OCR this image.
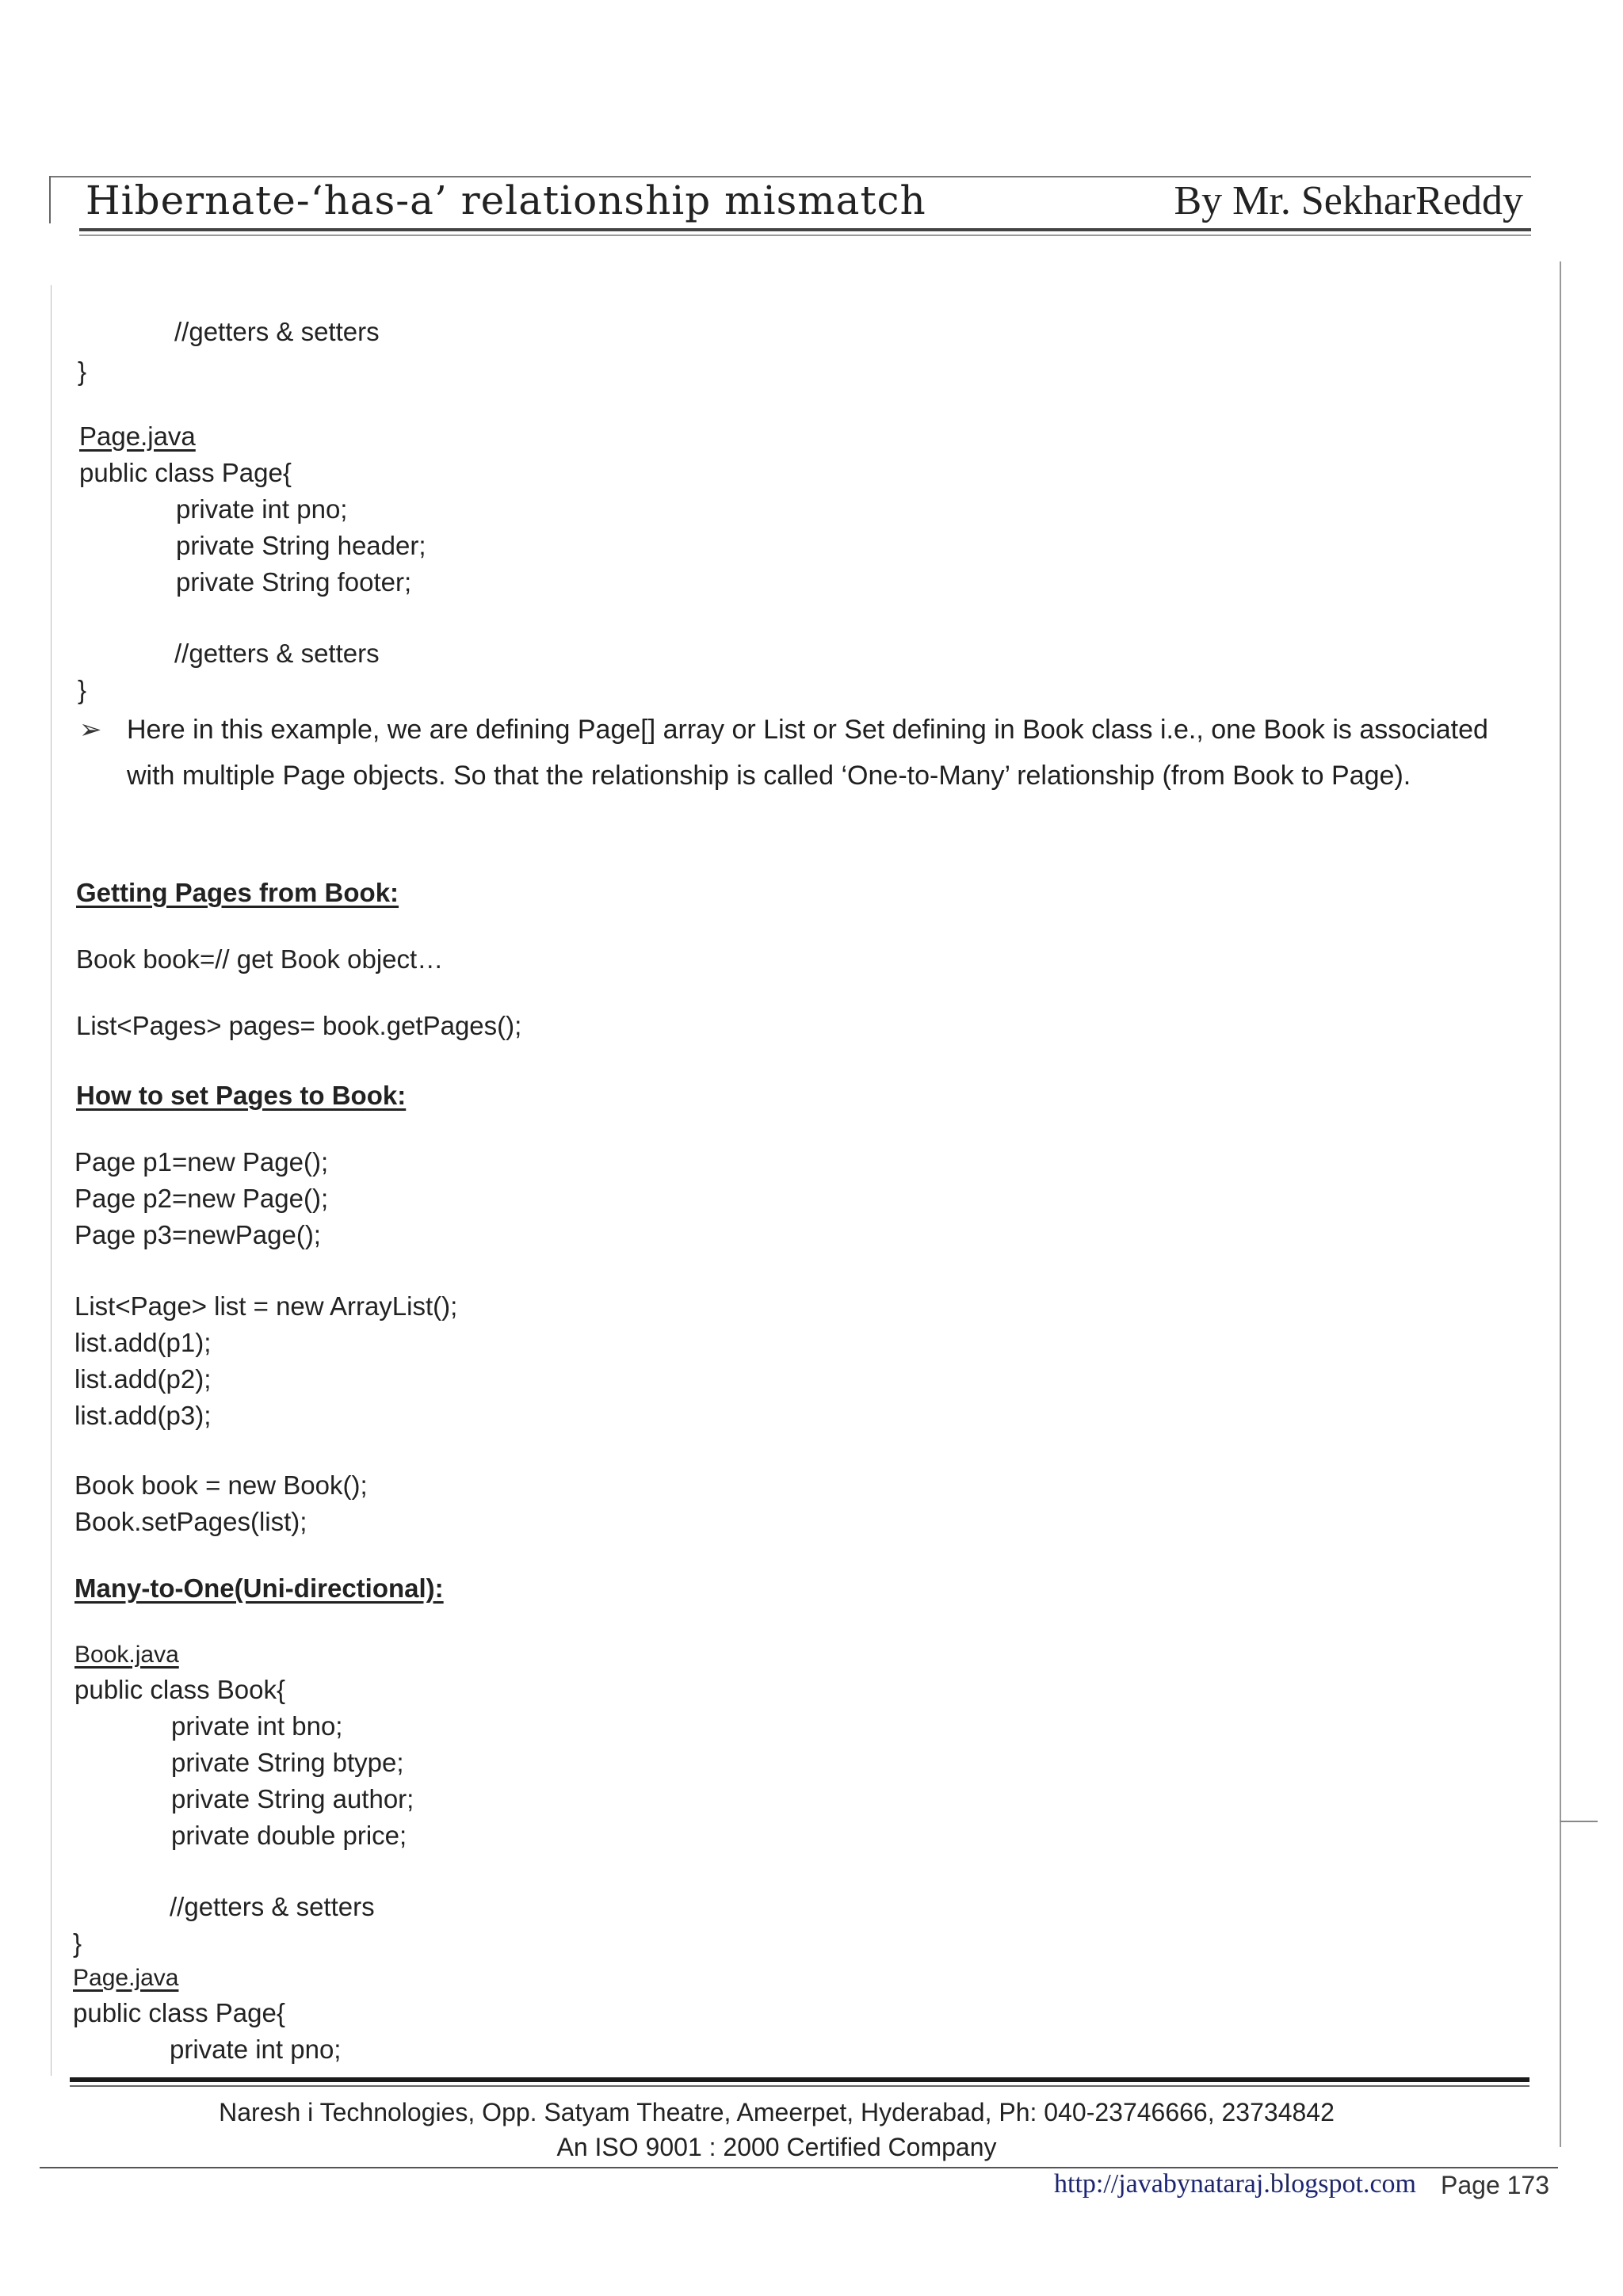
Hibernate-‘has-a’ relationship mismatch	By Mr. SekharReddy
//getters & setters
}
Page.java
public class Page{
private int pno;
private String header;
private String footer;
//getters & setters
}
➢ Here in this example, we are defining Page[] array or List or Set defining in Book class i.e., one Book is associated with multiple Page objects. So that the relationship is called ‘One-to-Many’ relationship (from Book to Page).
Getting Pages from Book:
Book book=// get Book object…
List<Pages> pages= book.getPages();
How to set Pages to Book:
Page p1=new Page();
Page p2=new Page();
Page p3=newPage();
List<Page> list = new ArrayList();
list.add(p1);
list.add(p2);
list.add(p3);
Book book = new Book();
Book.setPages(list);
Many-to-One(Uni-directional):
Book.java
public class Book{
private int bno;
private String btype;
private String author;
private double price;
//getters & setters
}
Page.java
public class Page{
private int pno;
Naresh i Technologies, Opp. Satyam Theatre, Ameerpet, Hyderabad, Ph: 040-23746666, 23734842
An ISO 9001 : 2000 Certified Company
http://javabynataraj.blogspot.com Page 173
